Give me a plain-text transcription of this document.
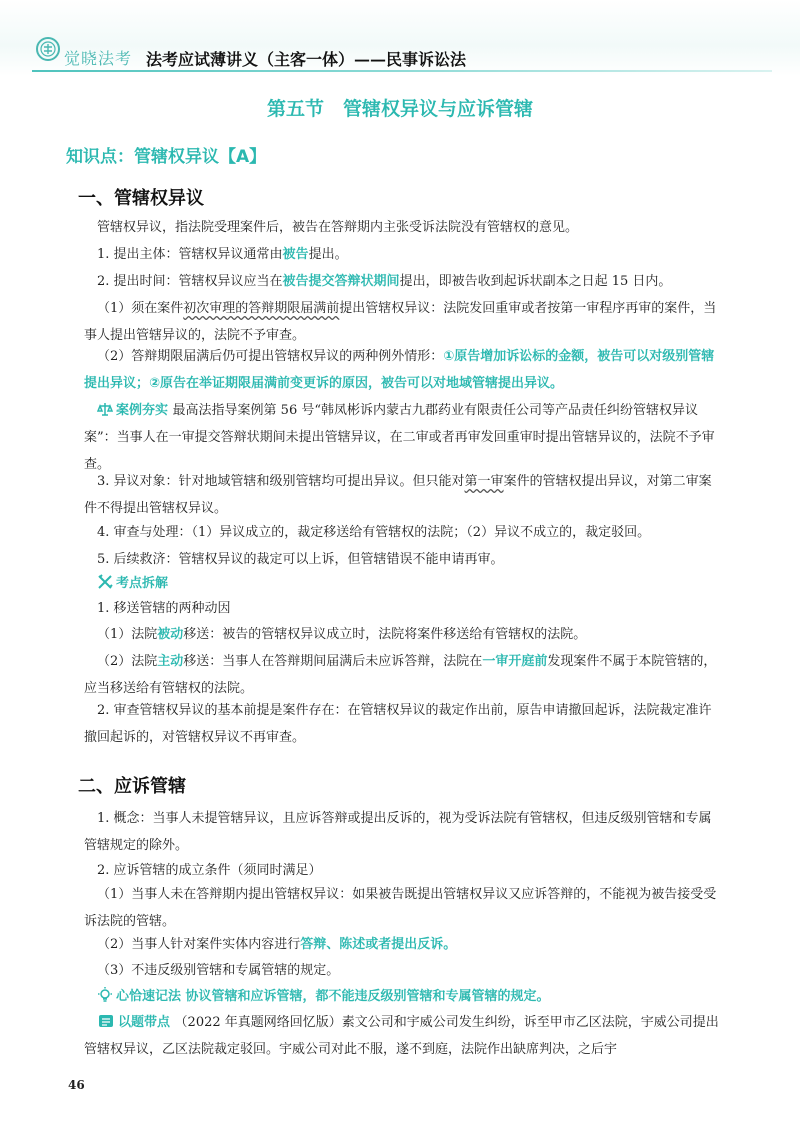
觉晓法考 法考应试薄讲义（主客一体）——民事诉讼法
第五节　管辖权异议与应诉管辖
知识点：管辖权异议【A】
一、管辖权异议
管辖权异议，指法院受理案件后，被告在答辩期内主张受诉法院没有管辖权的意见。
1. 提出主体：管辖权异议通常由被告提出。
2. 提出时间：管辖权异议应当在被告提交答辩状期间提出，即被告收到起诉状副本之日起 15 日内。
（1）须在案件初次审理的答辩期限届满前提出管辖权异议：法院发回重审或者按第一审程序再审的案件，当事人提出管辖异议的，法院不予审查。
（2）答辩期限届满后仍可提出管辖权异议的两种例外情形：①原告增加诉讼标的金额，被告可以对级别管辖提出异议；②原告在举证期限届满前变更诉的原因，被告可以对地域管辖提出异议。
案例夯实 最高法指导案例第 56 号“韩凤彬诉内蒙古九郡药业有限责任公司等产品责任纠纷管辖权异议案”：当事人在一审提交答辩状期间未提出管辖异议，在二审或者再审发回重审时提出管辖异议的，法院不予审查。
3. 异议对象：针对地域管辖和级别管辖均可提出异议。但只能对第一审案件的管辖权提出异议，对第二审案件不得提出管辖权异议。
4. 审查与处理：（1）异议成立的，裁定移送给有管辖权的法院；（2）异议不成立的，裁定驳回。
5. 后续救济：管辖权异议的裁定可以上诉，但管辖错误不能申请再审。
考点拆解
1. 移送管辖的两种动因
（1）法院被动移送：被告的管辖权异议成立时，法院将案件移送给有管辖权的法院。
（2）法院主动移送：当事人在答辩期间届满后未应诉答辩，法院在一审开庭前发现案件不属于本院管辖的，应当移送给有管辖权的法院。
2. 审查管辖权异议的基本前提是案件存在：在管辖权异议的裁定作出前，原告申请撤回起诉，法院裁定准许撤回起诉的，对管辖权异议不再审查。
二、应诉管辖
1. 概念：当事人未提管辖异议，且应诉答辩或提出反诉的，视为受诉法院有管辖权，但违反级别管辖和专属管辖规定的除外。
2. 应诉管辖的成立条件（须同时满足）
（1）当事人未在答辩期内提出管辖权异议：如果被告既提出管辖权异议又应诉答辩的，不能视为被告接受受诉法院的管辖。
（2）当事人针对案件实体内容进行答辩、陈述或者提出反诉。
（3）不违反级别管辖和专属管辖的规定。
心恰速记法 协议管辖和应诉管辖，都不能违反级别管辖和专属管辖的规定。
以题带点 （2022 年真题网络回忆版）素文公司和宇威公司发生纠纷，诉至甲市乙区法院，宇威公司提出管辖权异议，乙区法院裁定驳回。宇威公司对此不服，遂不到庭，法院作出缺席判决，之后宇
46
